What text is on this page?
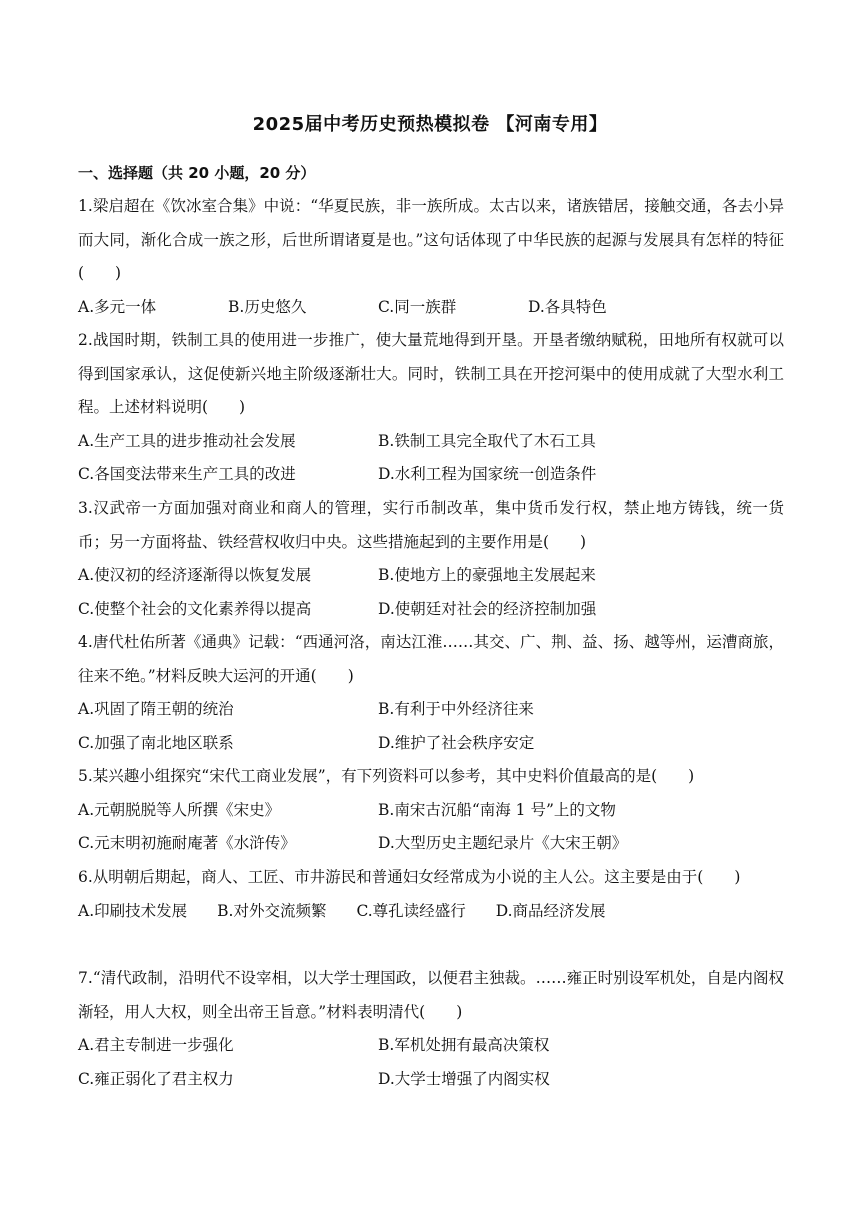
2025届中考历史预热模拟卷 【河南专用】
一、选择题（共 20 小题，20 分）

1.梁启超在《饮冰室合集》中说：“华夏民族，非一族所成。太古以来，诸族错居，接触交通，各去小异而大同，渐化合成一族之形，后世所谓诸夏是也。”这句话体现了中华民族的起源与发展具有怎样的特征(　　)

A.多元一体	B.历史悠久	C.同一族群	D.各具特色

2.战国时期，铁制工具的使用进一步推广，使大量荒地得到开垦。开垦者缴纳赋税，田地所有权就可以得到国家承认，这促使新兴地主阶级逐渐壮大。同时，铁制工具在开挖河渠中的使用成就了大型水利工程。上述材料说明(　　)

A.生产工具的进步推动社会发展	B.铁制工具完全取代了木石工具
C.各国变法带来生产工具的改进	D.水利工程为国家统一创造条件

3.汉武帝一方面加强对商业和商人的管理，实行币制改革，集中货币发行权，禁止地方铸钱，统一货币；另一方面将盐、铁经营权收归中央。这些措施起到的主要作用是(　　)

A.使汉初的经济逐渐得以恢复发展	B.使地方上的豪强地主发展起来
C.使整个社会的文化素养得以提高	D.使朝廷对社会的经济控制加强

4.唐代杜佑所著《通典》记载：“西通河洛，南达江淮……其交、广、荆、益、扬、越等州，运漕商旅，往来不绝。”材料反映大运河的开通(　　)

A.巩固了隋王朝的统治	B.有利于中外经济往来
C.加强了南北地区联系	D.维护了社会秩序安定

5.某兴趣小组探究“宋代工商业发展”，有下列资料可以参考，其中史料价值最高的是(　　)

A.元朝脱脱等人所撰《宋史》	B.南宋古沉船“南海 1 号”上的文物
C.元末明初施耐庵著《水浒传》	D.大型历史主题纪录片《大宋王朝》

6.从明朝后期起，商人、工匠、市井游民和普通妇女经常成为小说的主人公。这主要是由于(　　)

A.印刷技术发展 B.对外交流频繁 C.尊孔读经盛行 D.商品经济发展

7.“清代政制，沿明代不设宰相，以大学士理国政，以便君主独裁。……雍正时别设军机处，自是内阁权渐轻，用人大权，则全出帝王旨意。”材料表明清代(　　)

A.君主专制进一步强化	B.军机处拥有最高决策权
C.雍正弱化了君主权力	D.大学士增强了内阁实权
